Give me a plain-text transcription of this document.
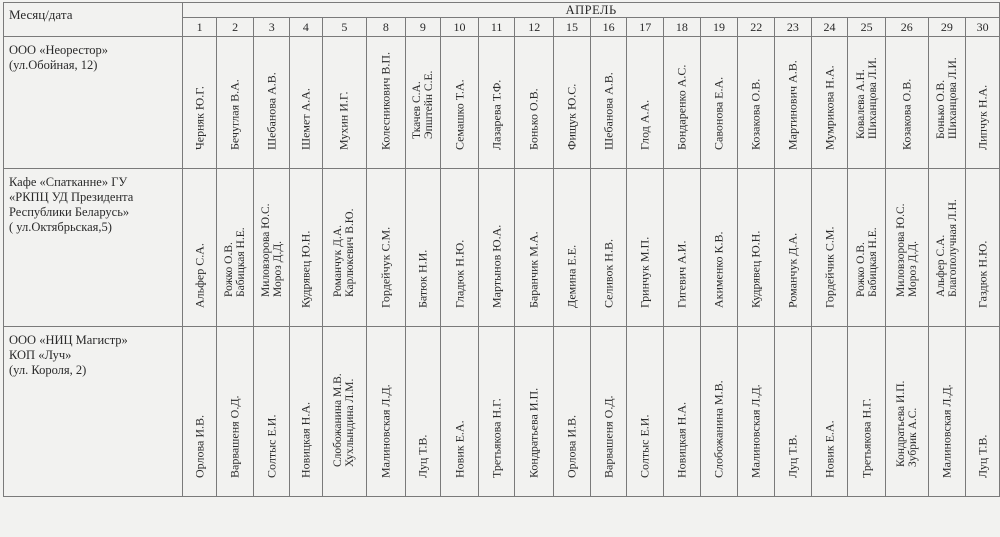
Месяц/дата	АПРЕЛЬ																					
	1	2	3	4	5	8	9	10	11	12	15	16	17	18	19	22	23	24	25	26	29	30

ООО «Неорестор»
(ул.Обойная, 12)	Черняк Ю.Г.	Бечуглая В.А.	Шебанова А.В.	Шемет А.А.	Мухин И.Г.	Колесникович В.П.	Ткачев С.А. Эпштейн С.Е.	Семашко Т.А.	Лазарева Т.Ф.	Бонько О.В.	Фищук Ю.С.	Шебанова А.В.	Глод А.А.	Бондаренко А.С.	Савонова Е.А.	Козакова О.В.	Мартинович А.В.	Мумрикова Н.А.	Ковалева А.Н. Шиханцова Л.И.	Козакова О.В.	Бонько О.В. Шиханцова Л.И.	Липчук Н.А.

Кафе «Спатканне» ГУ
«РКПЦ УД Президента
Республики Беларусь»
( ул.Октябрьская,5)	Альфер С.А.	Рожко О.В. Бабицкая Н.Е.	Миловзорова Ю.С. Мороз Д.Д.	Кудрявец Ю.Н.	Романчук Д.А. Карлюкевич В.Ю.	Гордейчук С.М.	Батюк Н.И.	Гладюк Н.Ю.	Мартынов Ю.А.	Баранчик М.А.	Демина Е.Е.	Селивок Н.В.	Гринчук М.П.	Гигевич А.И.	Акименко К.В.	Кудрявец Ю.Н.	Романчук Д.А.	Гордейчик С.М.	Рожко О.В. Бабицкая Н.Е.	Миловзорова Ю.С. Мороз Д.Д.	Альфер С.А. Благополучная Л.Н.	Газдюк Н.Ю.

ООО «НИЦ Магистр»
КОП «Луч»
(ул. Короля, 2)	Орлова И.В.	Варвашеня О.Д.	Солтыс Е.И.	Новицкая Н.А.	Слобожанина М.В. Хухлындина Л.М.	Малиновская Л.Д.	Луц Т.В.	Новик Е.А.	Третьякова Н.Г.	Кондратьева И.П.	Орлова И.В.	Варвашеня О.Д.	Солтыс Е.И.	Новицкая Н.А.	Слобожанина М.В.	Малиновская Л.Д.	Луц Т.В.	Новик Е.А.	Третьякова Н.Г.	Кондратьева И.П. Зубрик А.С.	Малиновская Л.Д.	Луц Т.В.
